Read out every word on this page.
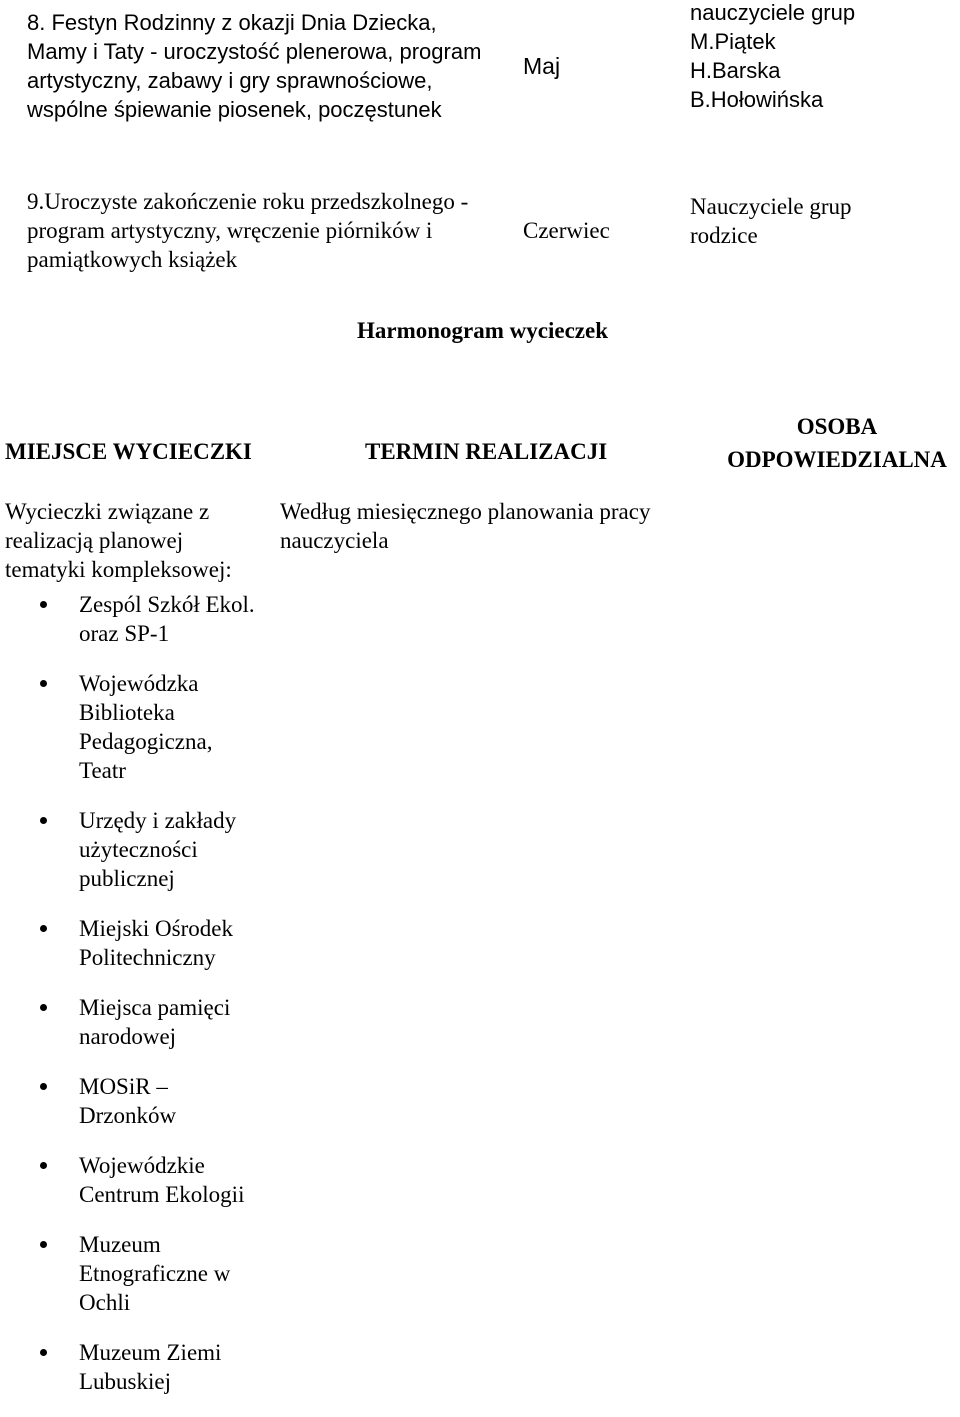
8. Festyn Rodzinny z okazji Dnia Dziecka,
Mamy i Taty - uroczystość plenerowa, program
artystyczny, zabawy i gry sprawnościowe,
wspólne śpiewanie piosenek, poczęstunek
Maj
nauczyciele grup
M.Piątek
H.Barska
B.Hołowińska
9.Uroczyste zakończenie roku przedszkolnego -
program artystyczny, wręczenie piórników i
pamiątkowych książek
Czerwiec
Nauczyciele grup
rodzice
Harmonogram wycieczek
MIEJSCE WYCIECZKI	TERMIN REALIZACJI
OSOBA
ODPOWIEDZIALNA
Wycieczki związane z
realizacją planowej
tematyki kompleksowej:
Według miesięcznego planowania pracy
nauczyciela
Zespól Szkół Ekol.
oraz SP-1
Wojewódzka
Biblioteka
Pedagogiczna,
Teatr
Urzędy i zakłady
użyteczności
publicznej
Miejski Ośrodek
Politechniczny
Miejsca pamięci
narodowej
MOSiR –
Drzonków
Wojewódzkie
Centrum Ekologii
Muzeum
Etnograficzne w
Ochli
Muzeum Ziemi
Lubuskiej
